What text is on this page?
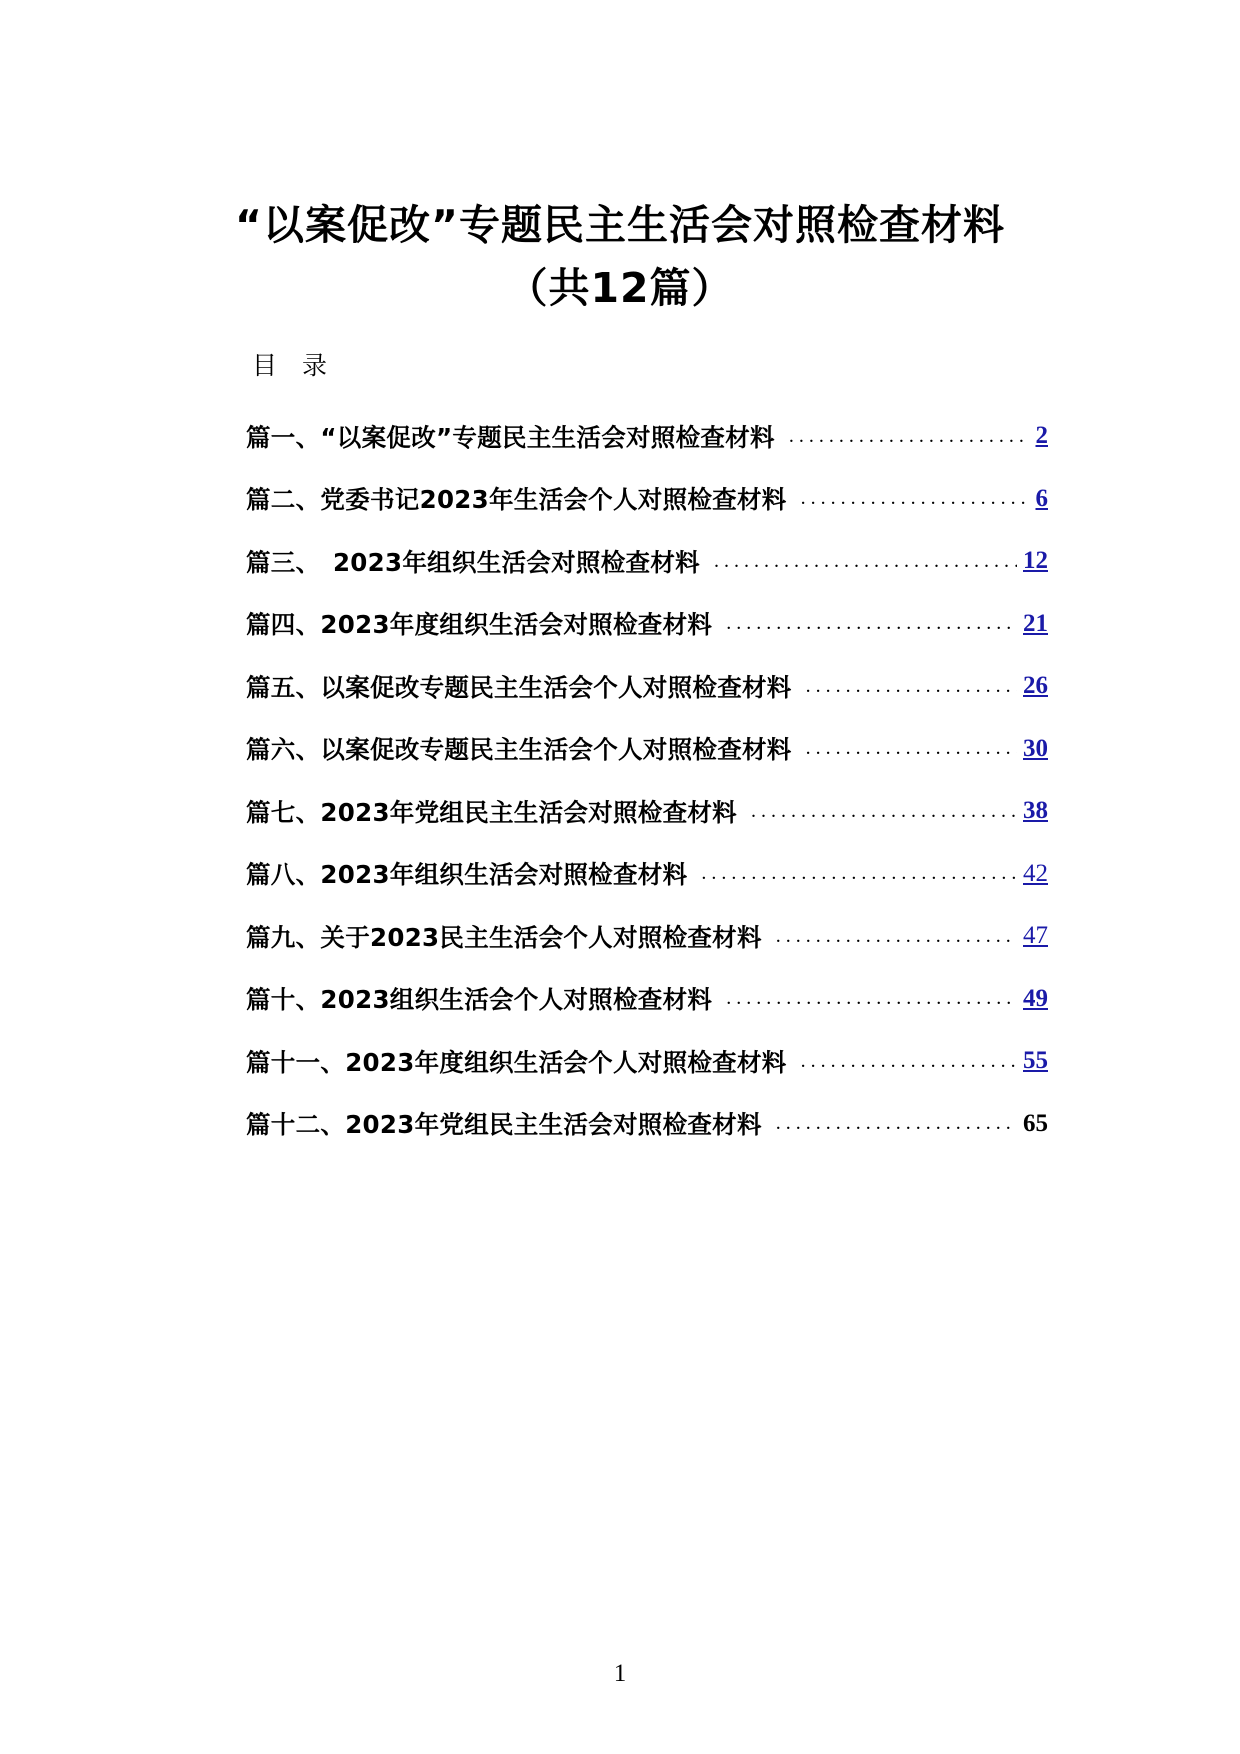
“以案促改”专题民主生活会对照检查材料
（共12篇）
目　录
篇一、“以案促改”专题民主生活会对照检查材料 . . .	2
篇二、党委书记2023年生活会个人对照检查材料 . . .	6
篇三、　2023年组织生活会对照检查材料 . . .	12
篇四、2023年度组织生活会对照检查材料 . . .	21
篇五、以案促改专题民主生活会个人对照检查材料 . . .	26
篇六、以案促改专题民主生活会个人对照检查材料 . . .	30
篇七、2023年党组民主生活会对照检查材料 . . .	38
篇八、2023年组织生活会对照检查材料 . . .	42
篇九、关于2023民主生活会个人对照检查材料 . . .	47
篇十、2023组织生活会个人对照检查材料 . . .	49
篇十一、2023年度组织生活会个人对照检查材料 . . .	55
篇十二、2023年党组民主生活会对照检查材料 . . .	65
1
